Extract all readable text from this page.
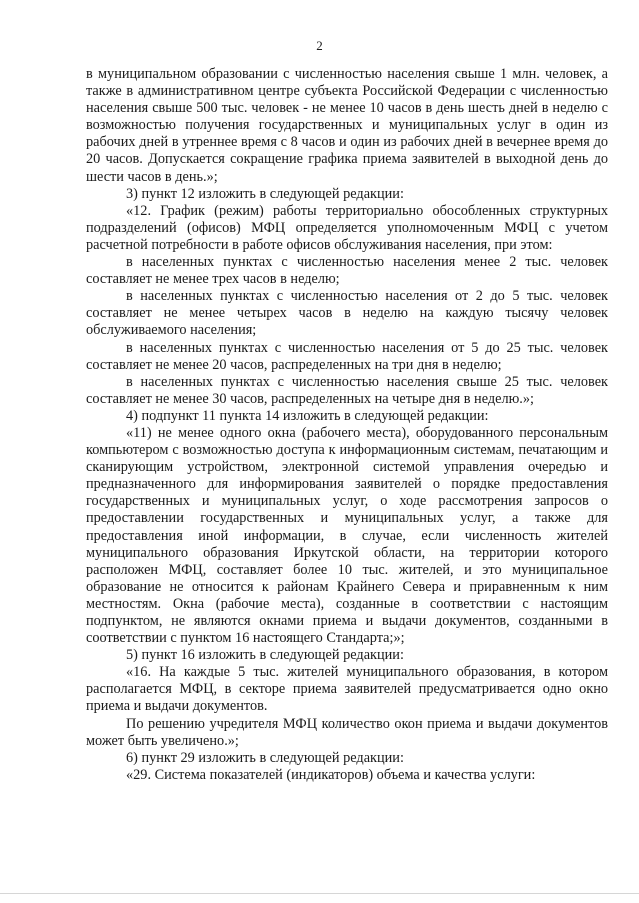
2

в муниципальном образовании с численностью населения свыше 1 млн. человек, а также в административном центре субъекта Российской Федерации с численностью населения свыше 500 тыс. человек - не менее 10 часов в день шесть дней в неделю с возможностью получения государственных и муниципальных услуг в один из рабочих дней в утреннее время с 8 часов и один из рабочих дней в вечернее время до 20 часов. Допускается сокращение графика приема заявителей в выходной день до шести часов в день.»;

3) пункт 12 изложить в следующей редакции:

«12. График (режим) работы территориально обособленных структурных подразделений (офисов) МФЦ определяется уполномоченным МФЦ с учетом расчетной потребности в работе офисов обслуживания населения, при этом:

в населенных пунктах с численностью населения менее 2 тыс. человек составляет не менее трех часов в неделю;

в населенных пунктах с численностью населения от 2 до 5 тыс. человек составляет не менее четырех часов в неделю на каждую тысячу человек обслуживаемого населения;

в населенных пунктах с численностью населения от 5 до 25 тыс. человек составляет не менее 20 часов, распределенных на три дня в неделю;

в населенных пунктах с численностью населения свыше 25 тыс. человек составляет не менее 30 часов, распределенных на четыре дня в неделю.»;

4) подпункт 11 пункта 14 изложить в следующей редакции:

«11) не менее одного окна (рабочего места), оборудованного персональным компьютером с возможностью доступа к информационным системам, печатающим и сканирующим устройством, электронной системой управления очередью и предназначенного для информирования заявителей о порядке предоставления государственных и муниципальных услуг, о ходе рассмотрения запросов о предоставлении государственных и муниципальных услуг, а также для предоставления иной информации, в случае, если численность жителей муниципального образования Иркутской области, на территории которого расположен МФЦ, составляет более 10 тыс. жителей, и это муниципальное образование не относится к районам Крайнего Севера и приравненным к ним местностям. Окна (рабочие места), созданные в соответствии с настоящим подпунктом, не являются окнами приема и выдачи документов, созданными в соответствии с пунктом 16 настоящего Стандарта;»;

5) пункт 16 изложить в следующей редакции:

«16. На каждые 5 тыс. жителей муниципального образования, в котором располагается МФЦ, в секторе приема заявителей предусматривается одно окно приема и выдачи документов.

По решению учредителя МФЦ количество окон приема и выдачи документов может быть увеличено.»;

6) пункт 29 изложить в следующей редакции:

«29. Система показателей (индикаторов) объема и качества услуги:
